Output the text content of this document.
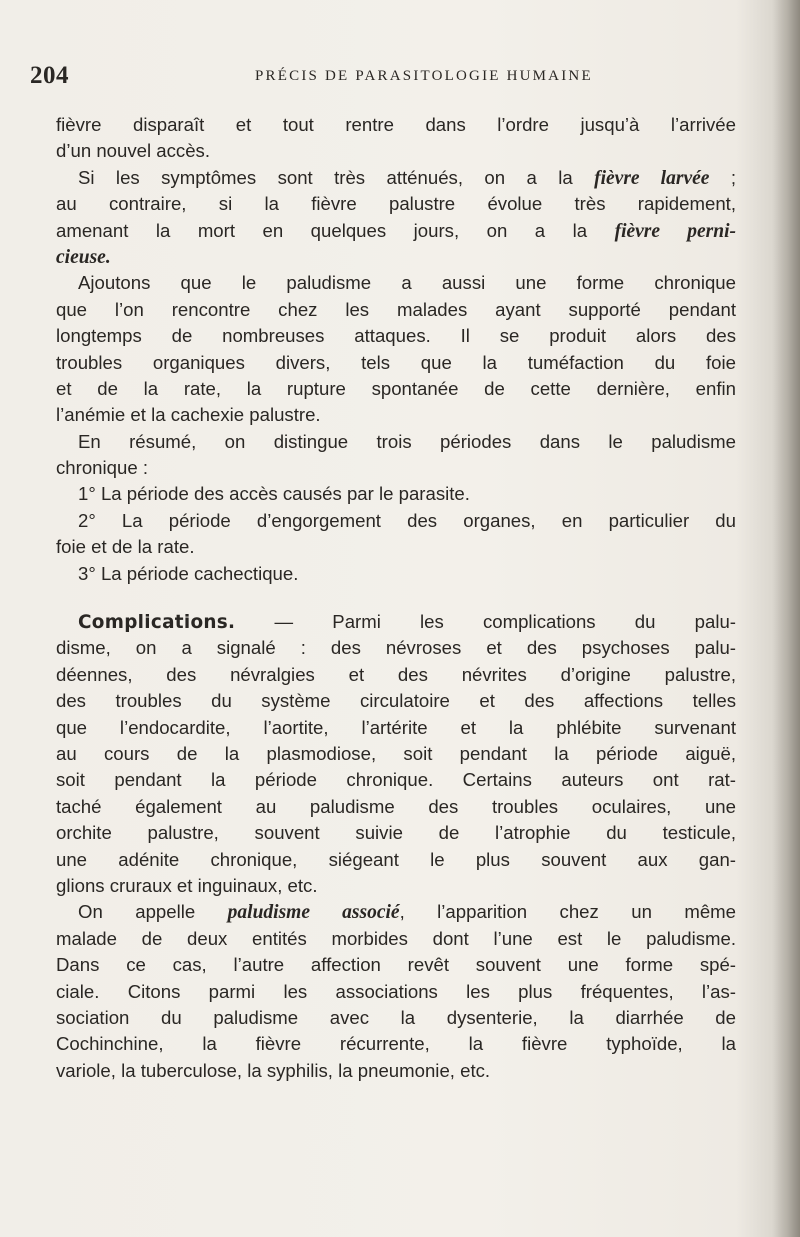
204	PRÉCIS DE PARASITOLOGIE HUMAINE
fièvre disparaît et tout rentre dans l’ordre jusqu’à l’arrivée
d’un nouvel accès.
Si les symptômes sont très atténués, on a la fièvre larvée ;
au contraire, si la fièvre palustre évolue très rapidement,
amenant la mort en quelques jours, on a la fièvre perni-
cieuse.
Ajoutons que le paludisme a aussi une forme chronique
que l’on rencontre chez les malades ayant supporté pendant
longtemps de nombreuses attaques. Il se produit alors des
troubles organiques divers, tels que la tuméfaction du foie
et de la rate, la rupture spontanée de cette dernière, enfin
l’anémie et la cachexie palustre.
En résumé, on distingue trois périodes dans le paludisme
chronique :
1° La période des accès causés par le parasite.
2° La période d’engorgement des organes, en particulier du
foie et de la rate.
3° La période cachectique.
Complications. — Parmi les complications du palu-
disme, on a signalé : des névroses et des psychoses palu-
déennes, des névralgies et des névrites d’origine palustre,
des troubles du système circulatoire et des affections telles
que l’endocardite, l’aortite, l’artérite et la phlébite survenant
au cours de la plasmodiose, soit pendant la période aiguë,
soit pendant la période chronique. Certains auteurs ont rat-
taché également au paludisme des troubles oculaires, une
orchite palustre, souvent suivie de l’atrophie du testicule,
une adénite chronique, siégeant le plus souvent aux gan-
glions cruraux et inguinaux, etc.
On appelle paludisme associé, l’apparition chez un même
malade de deux entités morbides dont l’une est le paludisme.
Dans ce cas, l’autre affection revêt souvent une forme spé-
ciale. Citons parmi les associations les plus fréquentes, l’as-
sociation du paludisme avec la dysenterie, la diarrhée de
Cochinchine, la fièvre récurrente, la fièvre typhoïde, la
variole, la tuberculose, la syphilis, la pneumonie, etc.
